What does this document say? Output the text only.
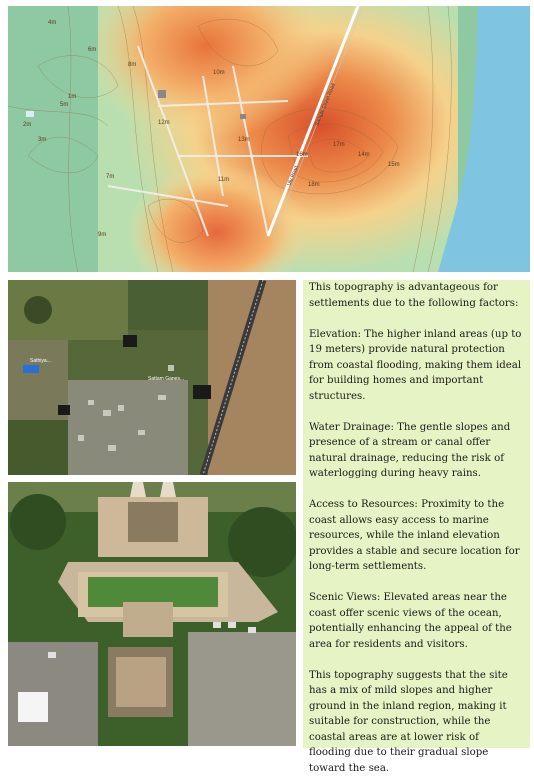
4m
5m
6m
7m
8m
9m
10m
11m
12m
13m
14m
15m
16m
17m
18m
1m
2m
3m
Ulu Road
Sample Street Road
Sathiya...
Sattam Ganes...

This topography is advantageous for settlements due to the following factors:

Elevation: The higher inland areas (up to 19 meters) provide natural protection from coastal flooding, making them ideal for building homes and important structures.

Water Drainage: The gentle slopes and presence of a stream or canal offer natural drainage, reducing the risk of waterlogging during heavy rains.

Access to Resources: Proximity to the coast allows easy access to marine resources, while the inland elevation provides a stable and secure location for long-term settlements.

Scenic Views: Elevated areas near the coast offer scenic views of the ocean, potentially enhancing the appeal of the area for residents and visitors.

This topography suggests that the site has a mix of mild slopes and higher ground in the inland region, making it suitable for construction, while the coastal areas are at lower risk of flooding due to their gradual slope toward the sea.
